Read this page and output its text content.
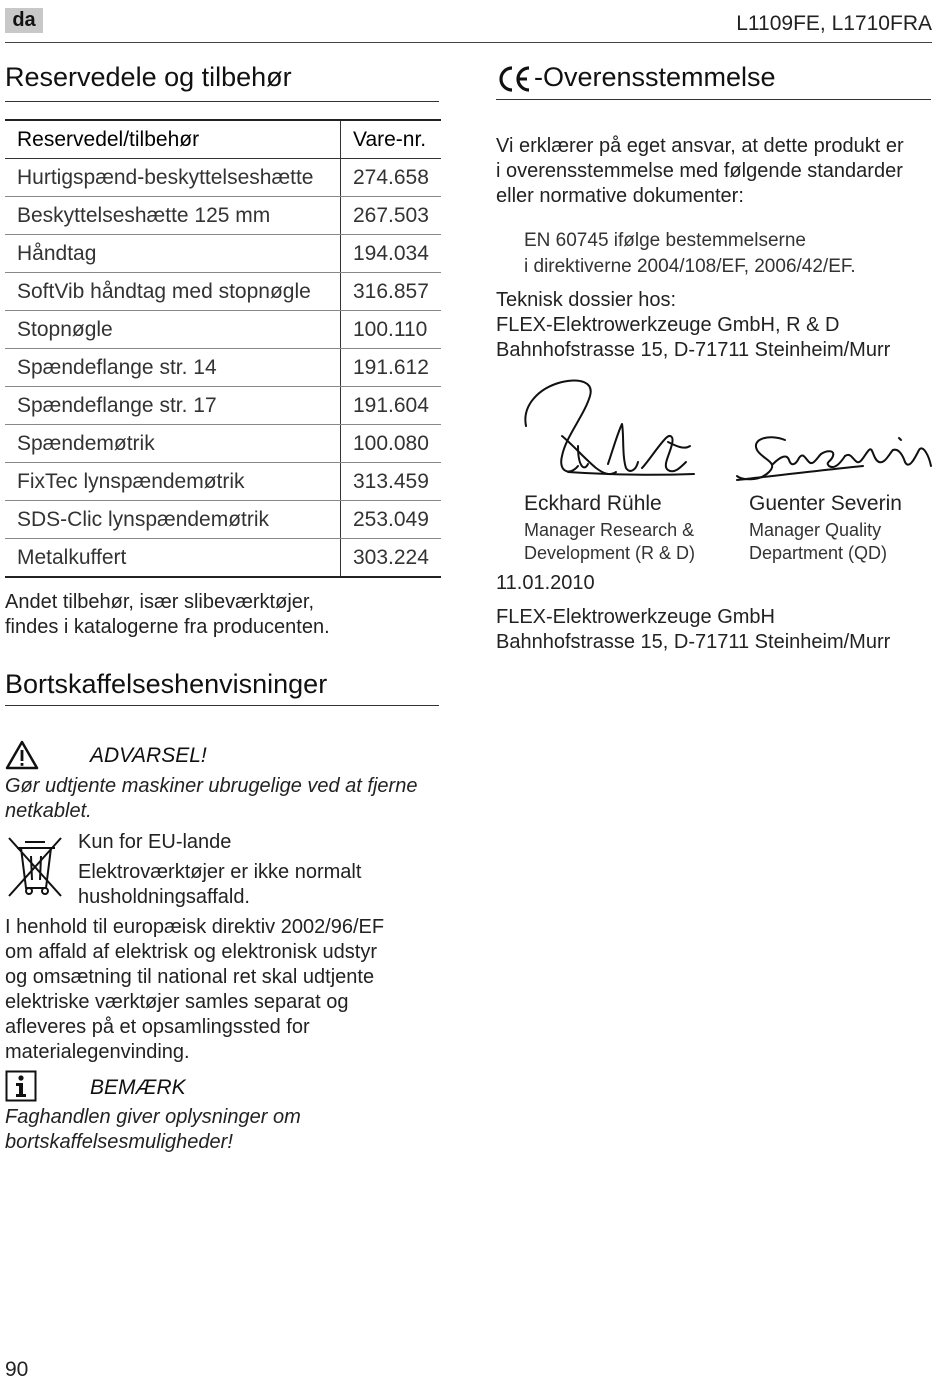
da	L1109FE, L1710FRA
Reservedele og tilbehør
Reservedel/tilbehør	Vare-nr.
Hurtigspænd-beskyttelseshætte	274.658
Beskyttelseshætte 125 mm	267.503
Håndtag	194.034
SoftVib håndtag med stopnøgle	316.857
Stopnøgle	100.110
Spændeflange str. 14	191.612
Spændeflange str. 17	191.604
Spændemøtrik	100.080
FixTec lynspændemøtrik	313.459
SDS-Clic lynspændemøtrik	253.049
Metalkuffert	303.224
Andet tilbehør, især slibeværktøjer,
findes i katalogerne fra producenten.
Bortskaffelseshenvisninger
ADVARSEL!
Gør udtjente maskiner ubrugelige ved at fjerne
netkablet.
Kun for EU-lande
Elektroværktøjer er ikke normalt
husholdningsaffald.
I henhold til europæisk direktiv 2002/96/EF
om affald af elektrisk og elektronisk udstyr
og omsætning til national ret skal udtjente
elektriske værktøjer samles separat og
afleveres på et opsamlingssted for
materialegenvinding.
BEMÆRK
Faghandlen giver oplysninger om
bortskaffelsesmuligheder!
-Overensstemmelse
Vi erklærer på eget ansvar, at dette produkt er
i overensstemmelse med følgende standarder
eller normative dokumenter:
EN 60745 ifølge bestemmelserne
i direktiverne 2004/108/EF, 2006/42/EF.
Teknisk dossier hos:
FLEX-Elektrowerkzeuge GmbH, R & D
Bahnhofstrasse 15, D-71711 Steinheim/Murr
Eckhard Rühle
Manager Research &
Development (R & D)
Guenter Severin
Manager Quality
Department (QD)
11.01.2010
FLEX-Elektrowerkzeuge GmbH
Bahnhofstrasse 15, D-71711 Steinheim/Murr
90
